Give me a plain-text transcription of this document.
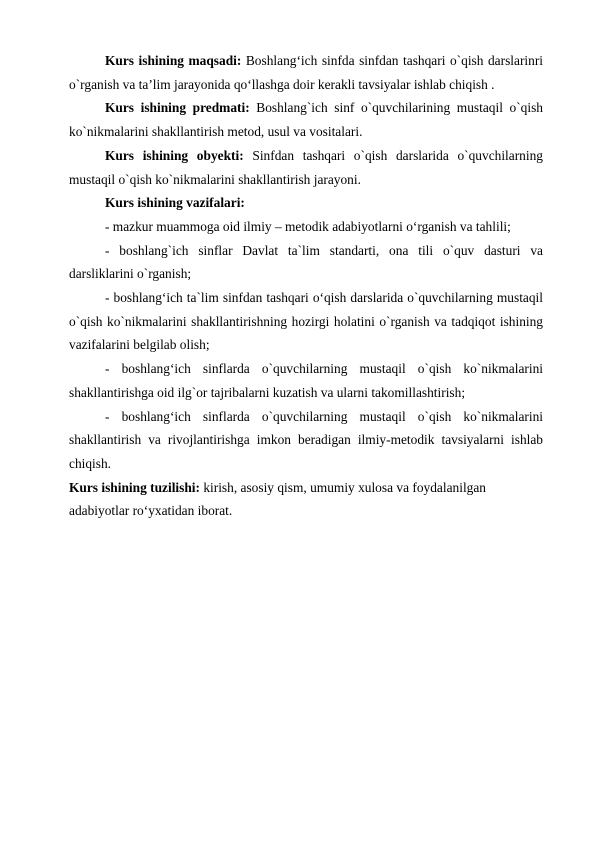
Kurs ishining maqsadi: Boshlang‘ich sinfda sinfdan tashqari o`qish darslarinri o`rganish va ta’lim jarayonida qo‘llashga doir kerakli tavsiyalar ishlab chiqish .

Kurs ishining predmati: Boshlang`ich sinf o`quvchilarining mustaqil o`qish ko`nikmalarini shakllantirish metod, usul va vositalari.

Kurs ishining obyekti: Sinfdan tashqari o`qish darslarida o`quvchilarning mustaqil o`qish ko`nikmalarini shakllantirish jarayoni.

Kurs ishining vazifalari:

- mazkur muammoga oid ilmiy – metodik adabiyotlarni o‘rganish va tahlili;

- boshlang`ich sinflar Davlat ta`lim standarti, ona tili o`quv dasturi va darsliklarini o`rganish;

- boshlang‘ich ta`lim sinfdan tashqari o‘qish darslarida o`quvchilarning mustaqil o`qish ko`nikmalarini shakllantirishning hozirgi holatini o`rganish va tadqiqot ishining vazifalarini belgilab olish;

- boshlang‘ich sinflarda o`quvchilarning mustaqil o`qish ko`nikmalarini shakllantirishga oid ilg`or tajribalarni kuzatish va ularni takomillashtirish;

- boshlang‘ich sinflarda o`quvchilarning mustaqil o`qish ko`nikmalarini shakllantirish va rivojlantirishga imkon beradigan ilmiy-metodik tavsiyalarni ishlab chiqish.

Kurs ishining tuzilishi: kirish, asosiy qism, umumiy xulosa va foydalanilgan
adabiyotlar ro‘yxatidan iborat.
